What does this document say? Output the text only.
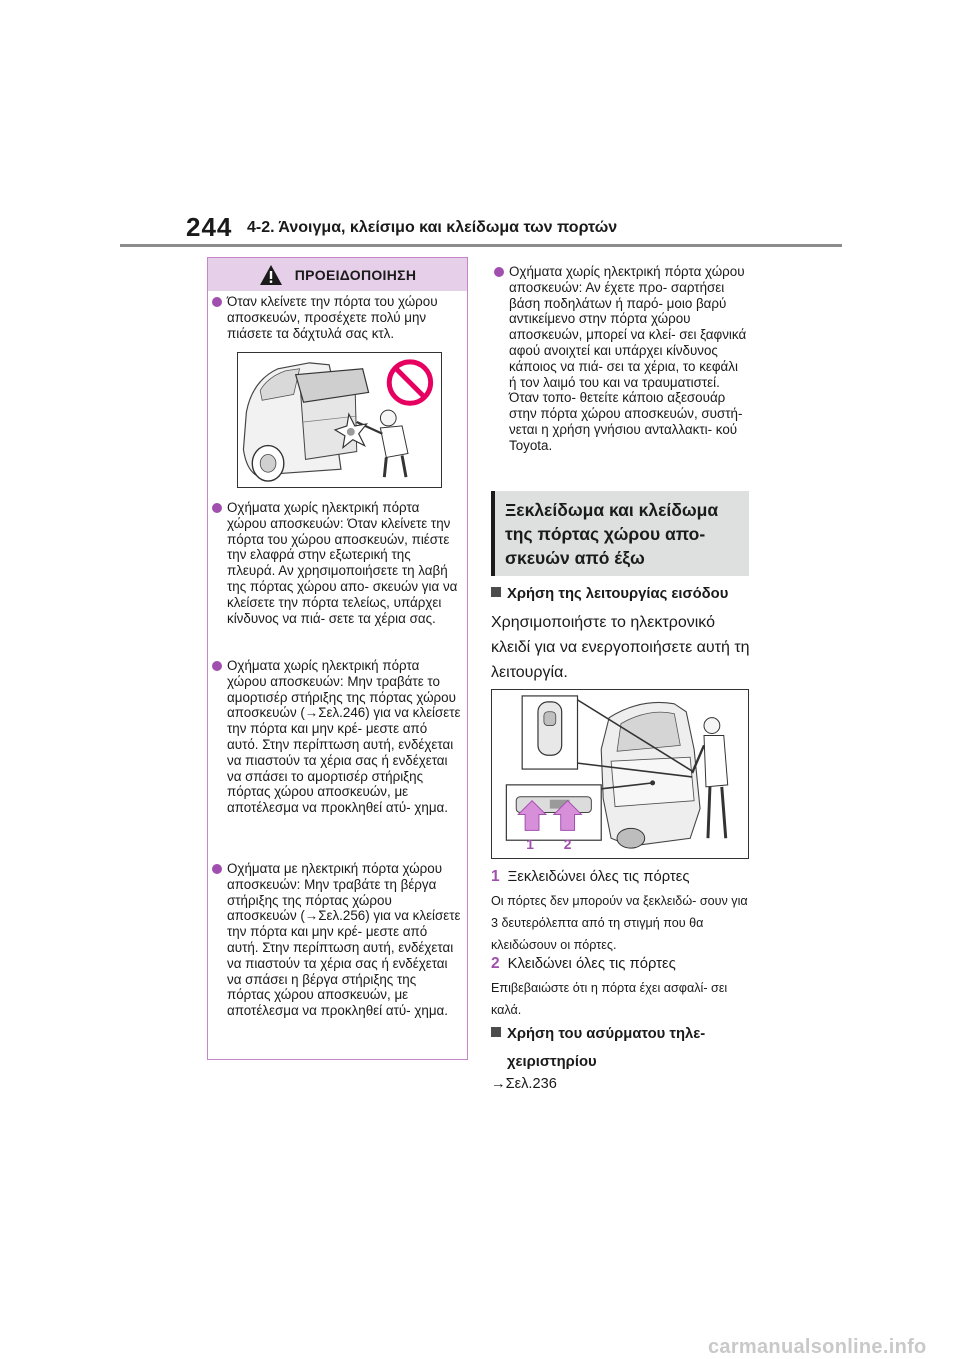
244 4-2. Άνοιγμα, κλείσιμο και κλείδωμα των πορτών
ΠΡΟΕΙΔΟΠΟΙΗΣΗ

Όταν κλείνετε την πόρτα του χώρου αποσκευών, προσέχετε πολύ μην πιάσετε τα δάχτυλά σας κτλ.

Οχήματα χωρίς ηλεκτρική πόρτα χώρου αποσκευών: Όταν κλείνετε την πόρτα του χώρου αποσκευών, πιέστε την ελαφρά στην εξωτερική της πλευρά. Αν χρησιμοποιήσετε τη λαβή της πόρτας χώρου απο- σκευών για να κλείσετε την πόρτα τελείως, υπάρχει κίνδυνος να πιά- σετε τα χέρια σας.

Οχήματα χωρίς ηλεκτρική πόρτα χώρου αποσκευών: Μην τραβάτε το αμορτισέρ στήριξης της πόρτας χώρου αποσκευών (→Σελ.246) για να κλείσετε την πόρτα και μην κρέ- μεστε από αυτό. Στην περίπτωση αυτή, ενδέχεται να πιαστούν τα χέρια σας ή ενδέχεται να σπάσει το αμορτισέρ στήριξης πόρτας χώρου αποσκευών, με αποτέλεσμα να προκληθεί ατύ- χημα.

Οχήματα με ηλεκτρική πόρτα χώρου αποσκευών: Μην τραβάτε τη βέργα στήριξης της πόρτας χώρου αποσκευών (→Σελ.256) για να κλείσετε την πόρτα και μην κρέ- μεστε από αυτή. Στην περίπτωση αυτή, ενδέχεται να πιαστούν τα χέρια σας ή ενδέχεται να σπάσει η βέργα στήριξης της πόρτας χώρου αποσκευών, με αποτέλεσμα να προκληθεί ατύ- χημα.

Οχήματα χωρίς ηλεκτρική πόρτα χώρου αποσκευών: Αν έχετε προ- σαρτήσει βάση ποδηλάτων ή παρό- μοιο βαρύ αντικείμενο στην πόρτα χώρου αποσκευών, μπορεί να κλεί- σει ξαφνικά αφού ανοιχτεί και υπάρχει κίνδυνος κάποιος να πιά- σει τα χέρια, το κεφάλι ή τον λαιμό του και να τραυματιστεί. Όταν τοπο- θετείτε κάποιο αξεσουάρ στην πόρτα χώρου αποσκευών, συστή- νεται η χρήση γνήσιου ανταλλακτι- κού Toyota.

Ξεκλείδωμα και κλείδωμα της πόρτας χώρου απο- σκευών από έξω
Χρήση της λειτουργίας εισόδου

Χρησιμοποιήστε το ηλεκτρονικό κλειδί για να ενεργοποιήσετε αυτή τη λειτουργία.

1 2
1 Ξεκλειδώνει όλες τις πόρτες

Οι πόρτες δεν μπορούν να ξεκλειδώ- σουν για 3 δευτερόλεπτα από τη στιγμή που θα κλειδώσουν οι πόρτες.

2 Κλειδώνει όλες τις πόρτες

Επιβεβαιώστε ότι η πόρτα έχει ασφαλί- σει καλά.

Χρήση του ασύρματου τηλε-
χειριστηρίου
→Σελ.236
carmanualsonline.info
